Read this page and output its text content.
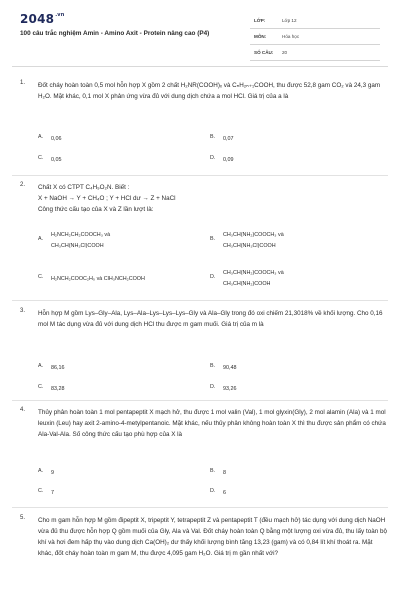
$2048^{.vn}$
100 câu trắc nghiệm Amin - Amino Axit - Protein nâng cao (P4)
LỚP:	Lớp 12
MÔN:	Hóa học
SỐ CÂU: 20
1. Đốt cháy hoàn toàn 0,5 mol hỗn hợp X gồm 2 chất H₂NR(COOH)ₓ và CₙH₂ₙ₊₁COOH, thu được 52,8 gam CO₂ và 24,3 gam H₂O. Mặt khác, 0,1 mol X phản ứng vừa đủ với dung dịch chứa a mol HCl. Giá trị của a là
A. 0,06	B. 0,07
C. 0,05	D. 0,09
2. Chất X có CTPT C₄H₉O₂N. Biết :
X + NaOH → Y + CH₄O ; Y + HCl dư → Z + NaCl
Công thức cấu tạo của X và Z lần lượt là:
A.
H₂NCH₂CH₂COOCH₃ và
CH₃CH(NH₃Cl)COOH
B.
CH₃CH(NH₂)COOCH₃ và
CH₃CH(NH₃Cl)COOH
C. H₂NCH₂COOC₂H₅ và ClH₃NCH₂COOH	D.
CH₃CH(NH₂)COOCH₃ và
CH₃CH(NH₂)COOH
3. Hỗn hợp M gồm Lys–Gly–Ala, Lys–Ala–Lys–Lys–Lys–Gly và Ala–Gly trong đó oxi chiếm 21,3018% về khối lượng. Cho 0,16 mol M tác dụng vừa đủ với dung dịch HCl thu được m gam muối. Giá trị của m là
A. 86,16	B. 90,48
C. 83,28	D. 93,26
4. Thủy phân hoàn toàn 1 mol pentapeptit X mạch hở, thu được 1 mol valin (Val), 1 mol glyxin(Gly), 2 mol alamin (Ala) và 1 mol leuxin (Leu) hay axit 2-amino-4-metylpentanoic. Mặt khác, nếu thủy phân không hoàn toàn X thì thu được sản phẩm có chứa Ala-Val-Ala. Số công thức cấu tạo phù hợp của X là
A. 9	B. 8
C. 7	D. 6
5. Cho m gam hỗn hợp M gồm đipeptit X, tripeptit Y, tetrapeptit Z và pentapeptit T (đều mạch hở) tác dụng với dung dịch NaOH vừa đủ thu được hỗn hợp Q gồm muối của Gly, Ala và Val. Đốt cháy hoàn toàn Q bằng một lượng oxi vừa đủ, thu lấy toàn bộ khí và hơi đem hấp thụ vào dung dịch Ca(OH)₂ dư thấy khối lượng bình tăng 13,23 (gam) và có 0,84 lít khí thoát ra. Mặt khác, đốt cháy hoàn toàn m gam M, thu được 4,095 gam H₂O. Giá trị m gần nhất với?
